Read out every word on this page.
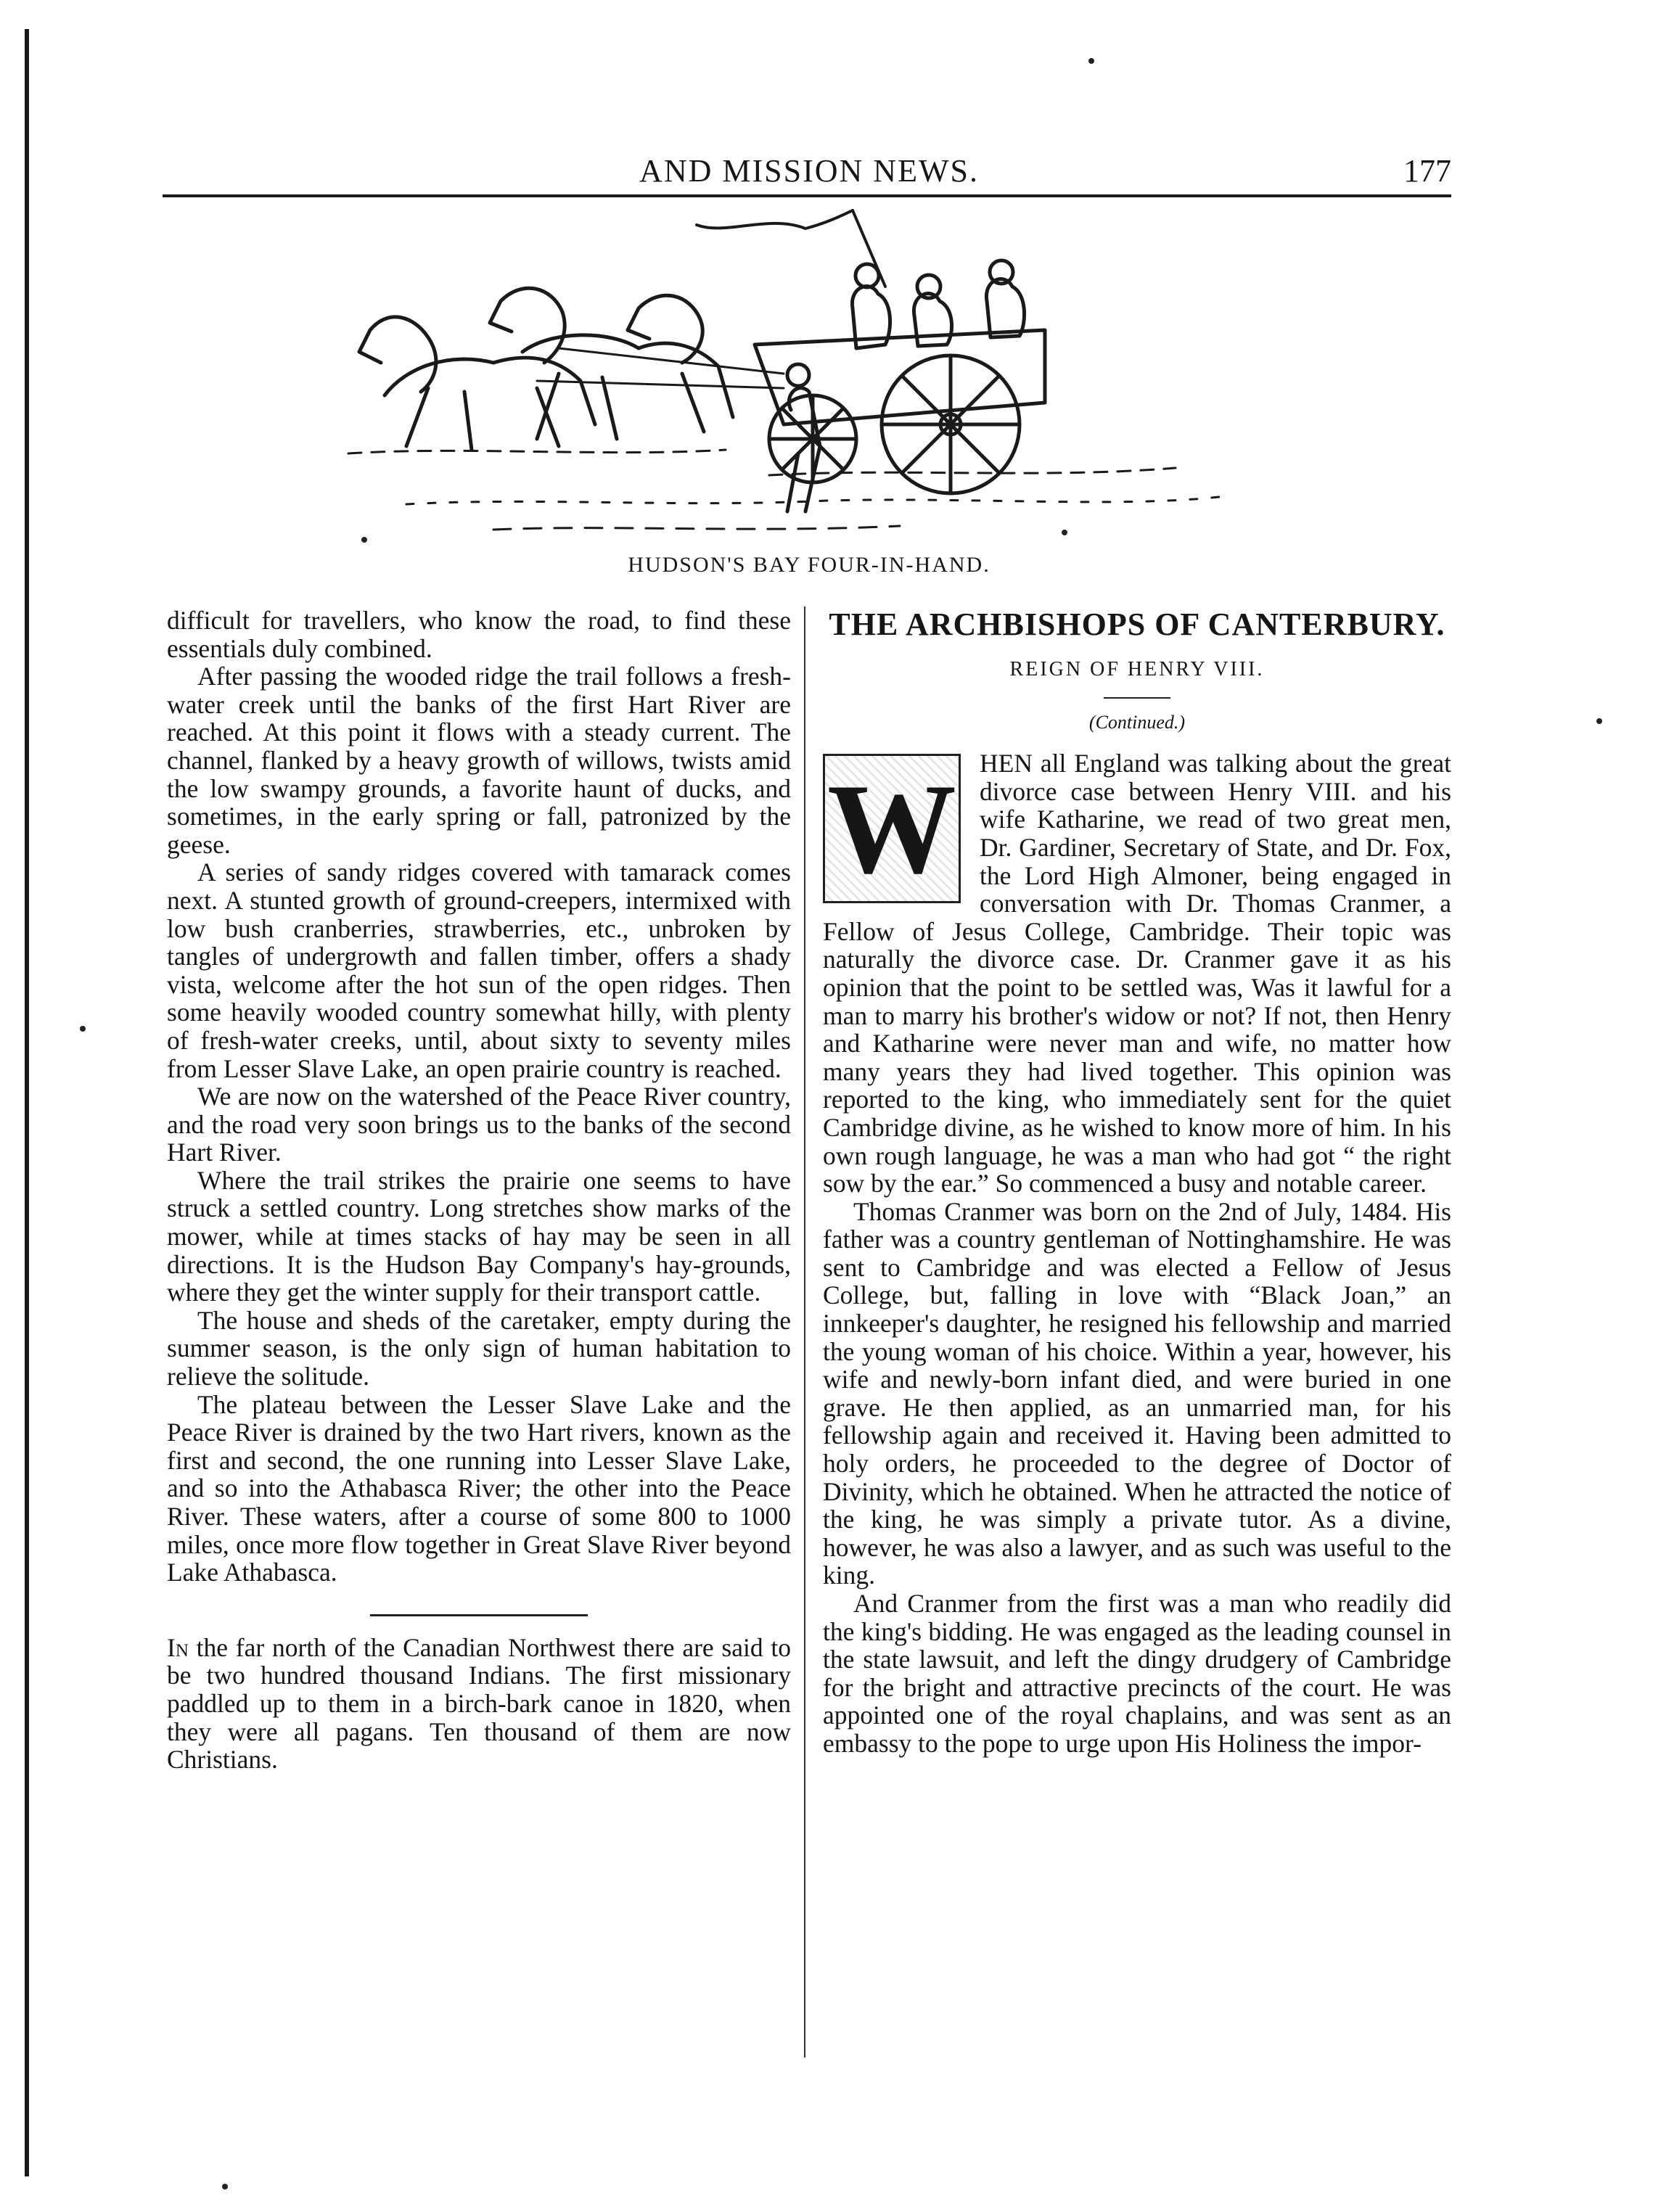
AND MISSION NEWS.	177
HUDSON'S BAY FOUR-IN-HAND.

difficult for travellers, who know the road, to find these essentials duly combined.

After passing the wooded ridge the trail follows a fresh-water creek until the banks of the first Hart River are reached. At this point it flows with a steady current. The channel, flanked by a heavy growth of willows, twists amid the low swampy grounds, a favorite haunt of ducks, and sometimes, in the early spring or fall, patronized by the geese.

A series of sandy ridges covered with tamarack comes next. A stunted growth of ground-creepers, intermixed with low bush cranberries, strawberries, etc., unbroken by tangles of undergrowth and fallen timber, offers a shady vista, welcome after the hot sun of the open ridges. Then some heavily wooded country somewhat hilly, with plenty of fresh-water creeks, until, about sixty to seventy miles from Lesser Slave Lake, an open prairie country is reached.

We are now on the watershed of the Peace River country, and the road very soon brings us to the banks of the second Hart River.

Where the trail strikes the prairie one seems to have struck a settled country. Long stretches show marks of the mower, while at times stacks of hay may be seen in all directions. It is the Hudson Bay Company's hay-grounds, where they get the winter supply for their transport cattle.

The house and sheds of the caretaker, empty during the summer season, is the only sign of human habitation to relieve the solitude.

The plateau between the Lesser Slave Lake and the Peace River is drained by the two Hart rivers, known as the first and second, the one running into Lesser Slave Lake, and so into the Athabasca River; the other into the Peace River. These waters, after a course of some 800 to 1000 miles, once more flow together in Great Slave River beyond Lake Athabasca.

In the far north of the Canadian Northwest there are said to be two hundred thousand Indians. The first missionary paddled up to them in a birch-bark canoe in 1820, when they were all pagans. Ten thousand of them are now Christians.

THE ARCHBISHOPS OF CANTERBURY.
REIGN OF HENRY VIII.
(Continued.)

W HEN all England was talking about the great divorce case between Henry VIII. and his wife Katharine, we read of two great men, Dr. Gardiner, Secretary of State, and Dr. Fox, the Lord High Almoner, being engaged in conversation with Dr. Thomas Cranmer, a Fellow of Jesus College, Cambridge. Their topic was naturally the divorce case. Dr. Cranmer gave it as his opinion that the point to be settled was, Was it lawful for a man to marry his brother's widow or not? If not, then Henry and Katharine were never man and wife, no matter how many years they had lived together. This opinion was reported to the king, who immediately sent for the quiet Cambridge divine, as he wished to know more of him. In his own rough language, he was a man who had got “ the right sow by the ear.” So commenced a busy and notable career.

Thomas Cranmer was born on the 2nd of July, 1484. His father was a country gentleman of Nottinghamshire. He was sent to Cambridge and was elected a Fellow of Jesus College, but, falling in love with “Black Joan,” an innkeeper's daughter, he resigned his fellowship and married the young woman of his choice. Within a year, however, his wife and newly-born infant died, and were buried in one grave. He then applied, as an unmarried man, for his fellowship again and received it. Having been admitted to holy orders, he proceeded to the degree of Doctor of Divinity, which he obtained. When he attracted the notice of the king, he was simply a private tutor. As a divine, however, he was also a lawyer, and as such was useful to the king.

And Cranmer from the first was a man who readily did the king's bidding. He was engaged as the leading counsel in the state lawsuit, and left the dingy drudgery of Cambridge for the bright and attractive precincts of the court. He was appointed one of the royal chaplains, and was sent as an embassy to the pope to urge upon His Holiness the impor-
